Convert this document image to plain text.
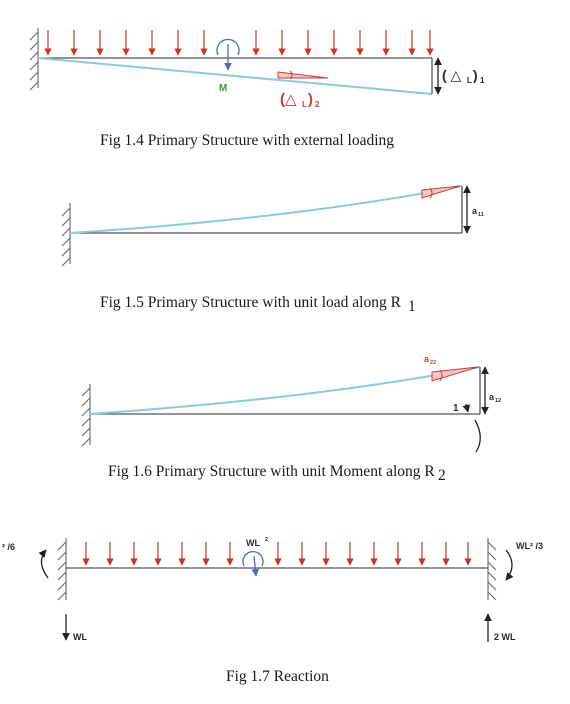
M
(△ L ) 2
( △ L ) 1
Fig 1.4 Primary Structure with external loading
a 11
Fig 1.5 Primary Structure with unit load along R 1
a 22
a 12
1
Fig 1.6 Primary Structure with unit Moment along R 2
WL 2
² /6	WL² /3
WL	2 WL
Fig 1.7 Reaction
